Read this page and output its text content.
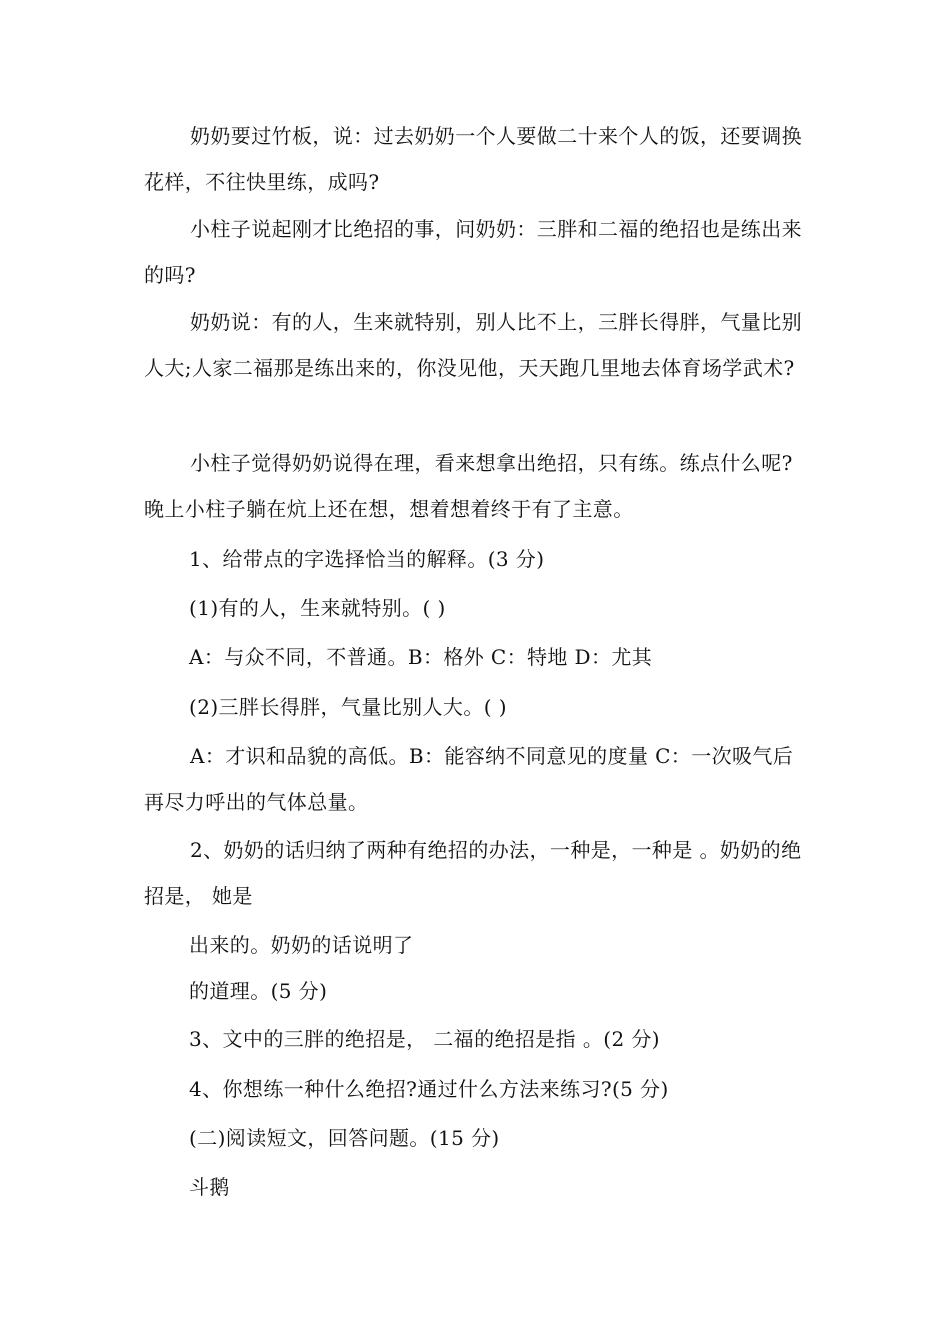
奶奶要过竹板，说：过去奶奶一个人要做二十来个人的饭，还要调换花样，不往快里练，成吗?

小柱子说起刚才比绝招的事，问奶奶：三胖和二福的绝招也是练出来的吗?

奶奶说：有的人，生来就特别，别人比不上，三胖长得胖，气量比别人大;人家二福那是练出来的，你没见他，天天跑几里地去体育场学武术?

小柱子觉得奶奶说得在理，看来想拿出绝招，只有练。练点什么呢?晚上小柱子躺在炕上还在想，想着想着终于有了主意。

1、给带点的字选择恰当的解释。(3 分)

(1)有的人，生来就特别。( )

A：与众不同，不普通。B：格外 C：特地 D：尤其

(2)三胖长得胖，气量比别人大。( )

A：才识和品貌的高低。B：能容纳不同意见的度量 C：一次吸气后再尽力呼出的气体总量。

2、奶奶的话归纳了两种有绝招的办法，一种是，一种是 。奶奶的绝招是， 她是

出来的。奶奶的话说明了

的道理。(5 分)

3、文中的三胖的绝招是， 二福的绝招是指 。(2 分)

4、你想练一种什么绝招?通过什么方法来练习?(5 分)

(二)阅读短文，回答问题。(15 分)

斗鹅
